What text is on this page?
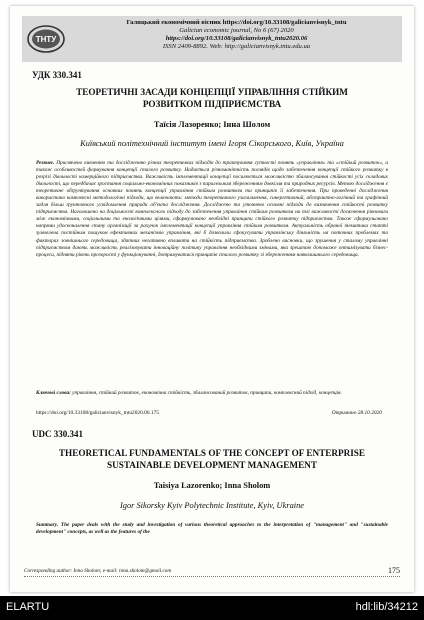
ТНТУ
Галицький економічний вісник https://doi.org/10.33108/galicianvisnyk_tntu
Galician economic journal, No 6 (67) 2020
https://doi.org/10.33108/galicianvisnyk_tntu2020.06
ISSN 2409-8892. Web: http://galicianvisnyk.tntu.edu.ua
УДК 330.341
ТЕОРЕТИЧНІ ЗАСАДИ КОНЦЕПЦІЇ УПРАВЛІННЯ СТІЙКИМ РОЗВИТКОМ ПІДПРИЄМСТВА
Таїсія Лазоренко; Інна Шолом
Київський політехнічний інститут імені Ігоря Сікорського, Київ, Україна

Резюме. Присвячено вивченню та дослідженню різних теоретичних підходів до трактування сутності понять «управління» та «стійкий розвиток», а також особливостей формування концепції сталого розвитку. Надається різноманітність поглядів щодо забезпечення концепції стійкого розвитку в розрізі діяльності комерційного підприємства. Важливість імплементації концепції посилюється можливістю збалансування стійкості усіх складових діяльності, що передбачає зростання соціально-економічних показників з паралельним збереженням довкілля та природних ресурсів. Метою дослідження є теоретичне обґрунтування основних понять концепції управління стійким розвитком та принципів її забезпечення. При проведенні дослідження використано комплексні методологічні підходи, що включають: методи теоретичного узагальнення, синергетичний, абстрактно-логічний та графічний задля більш ґрунтовного усвідомлення природи об'єкта дослідження. Досліджено та уточнено основні підходи до визначення стійкості розвитку підприємства. Наголошено на доцільності комплексного підходу до забезпечення управління стійким розвитком на тлі важливості досягнення рівноваги між економічними, соціальними та екологічними цілями, сформулювано необхідні принципи стійкого розвитку підприємства. Також сформульовано напрями удосконалення стану організації за рахунок імплементації концепції управління стійким розвитком. Актуальність обраної тематики статті зумовлена постійним пошуком ефективних механізмів управління, які б дозволили сфокусувати управлінську діяльність на поточних проблемах та факторах зовнішнього середовища, здатних негативно впливати на стійкість підприємства. Зроблено висновки, що зрушення у сталому управлінні підприємством дають можливість реалізовувати інноваційну політику управління необхідними змінами, яка зрештою допоможе оптимізувати бізнес-процеси, підняти рівень прозорості у функціонуванні, дотримуватися принципів сталого розвитку зі збереженням навколишнього середовища.

Ключові слова: управління, стійкий розвиток, економічна стійкість, збалансований розвиток, принципи, комплексний підхід, концепція.

https://doi.org/10.33108/galicianvisnyk_tntu2020.06.175	Отримано 28.10.2020
UDC 330.341
THEORETICAL FUNDAMENTALS OF THE CONCEPT OF ENTERPRISE SUSTAINABLE DEVELOPMENT MANAGEMENT
Taisiya Lazorenko; Inna Sholom
Igor Sikorsky Kyiv Polytechnic Institute, Kyiv, Ukraine

Summary. The paper deals with the study and investigation of various theoretical approaches to the interpretation of "management" and "sustainable development" concepts, as well as the features of the

Corresponding author: Inna Sholom; e-mail: inna.sholom@gmail.com	175
ELARTU	hdl:lib/34212
